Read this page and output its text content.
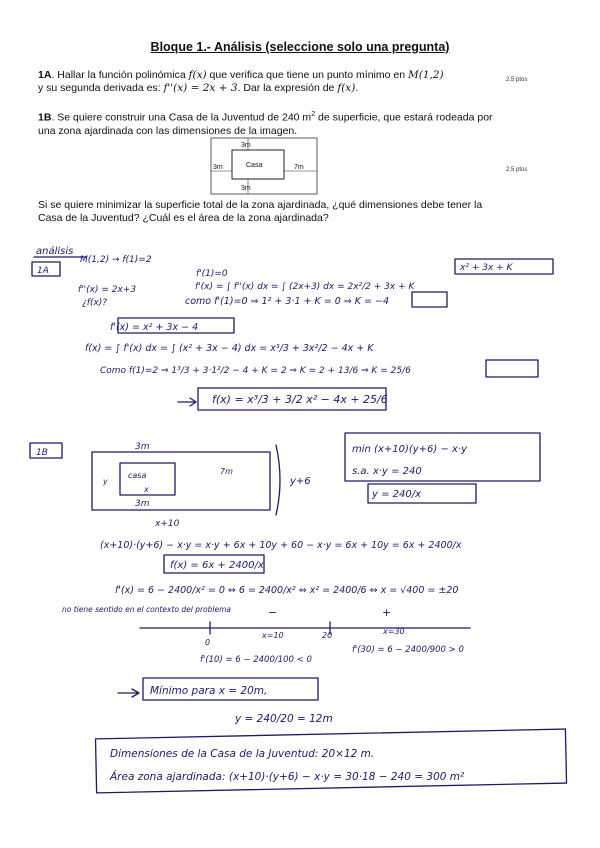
Bloque 1.- Análisis (seleccione solo una pregunta)
1A. Hallar la función polinómica f(x) que verifica que tiene un punto mínimo en M(1,2)
y su segunda derivada es: f''(x) = 2x + 3. Dar la expresión de f(x).
2,5 ptos
1B. Se quiere construir una Casa de la Juventud de 240 $m^2$ de superficie, que estará rodeada por una zona ajardinada con las dimensiones de la imagen.
2,5 ptos
3m
3m
3m	7m
Casa
Si se quiere minimizar la superficie total de la zona ajardinada, ¿qué dimensiones debe tener la Casa de la Juventud? ¿Cuál es el área de la zona ajardinada?
análisis
1A
M(1,2) → f(1)=2
f'(1)=0
f''(x) = 2x+3	f'(x) = ∫ f''(x) dx = ∫ (2x+3) dx = 2x²/2 + 3x + K
x² + 3x + K
¿f(x)?	como f'(1)=0 ⇒ 1² + 3·1 + K = 0 ⇒ K = −4
f'(x) = x² + 3x − 4
f(x) = ∫ f'(x) dx = ∫ (x² + 3x − 4) dx = x³/3 + 3x²/2 − 4x + K
Como f(1)=2 ⇒ 1³/3 + 3·1²/2 − 4 + K = 2 ⇒ K = 2 + 13/6 ⇒ K = 25/6
f(x) = x³/3 + 3/2 x² − 4x + 25/6
1B
3m
casa
y
x
3m
7m
y+6
x+10
min (x+10)(y+6) − x·y
s.a. x·y = 240
y = 240/x
(x+10)·(y+6) − x·y = x·y + 6x + 10y + 60 − x·y = 6x + 10y = 6x + 2400/x
f(x) = 6x + 2400/x
f'(x) = 6 − 2400/x² = 0 ⇔ 6 = 2400/x² ⇔ x² = 2400/6 ⇔ x = √400 = ±20
no tiene sentido en el contexto del problema
0
x=10	20	x=30
−	+
f'(10) = 6 − 2400/100 < 0
f'(30) = 6 − 2400/900 > 0
Mínimo para x = 20m,
y = 240/20 = 12m
Dimensiones de la Casa de la Juventud: 20×12 m.
Área zona ajardinada: (x+10)·(y+6) − x·y = 30·18 − 240 = 300 m²
